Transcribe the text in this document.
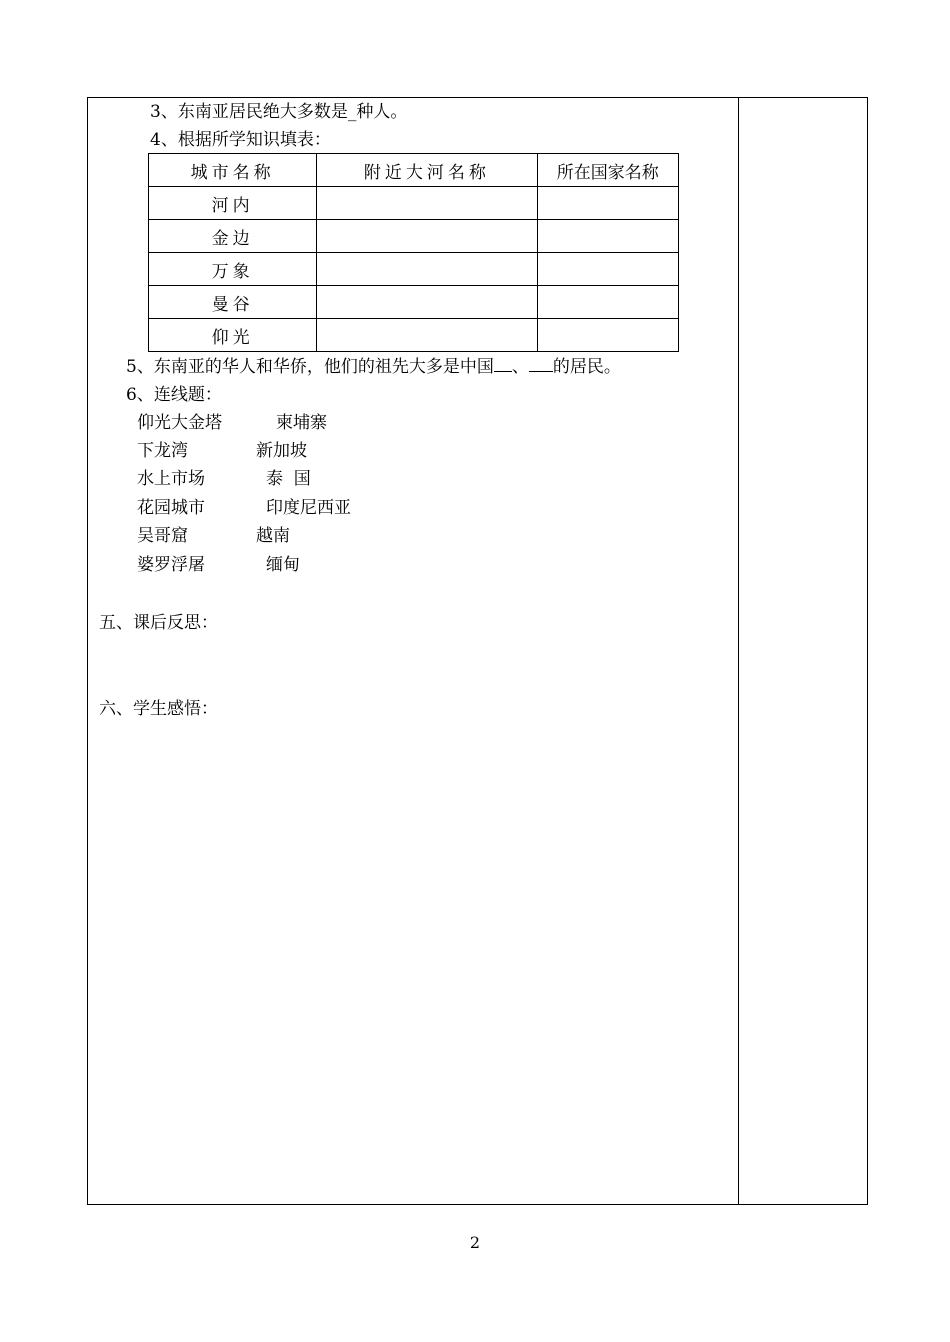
3、东南亚居民绝大多数是_种人。
4、根据所学知识填表：
城市名称	附近大河名称	所在国家名称
河内		
金边		
万象		
曼谷		
仰光		
5、东南亚的华人和华侨，他们的祖先大多是中国 、 的居民。
6、连线题：
仰光大金塔	柬埔寨
下龙湾	新加坡
水上市场	泰  国
花园城市	印度尼西亚
吴哥窟	越南
婆罗浮屠	缅甸
五、课后反思：
六、学生感悟：
2
